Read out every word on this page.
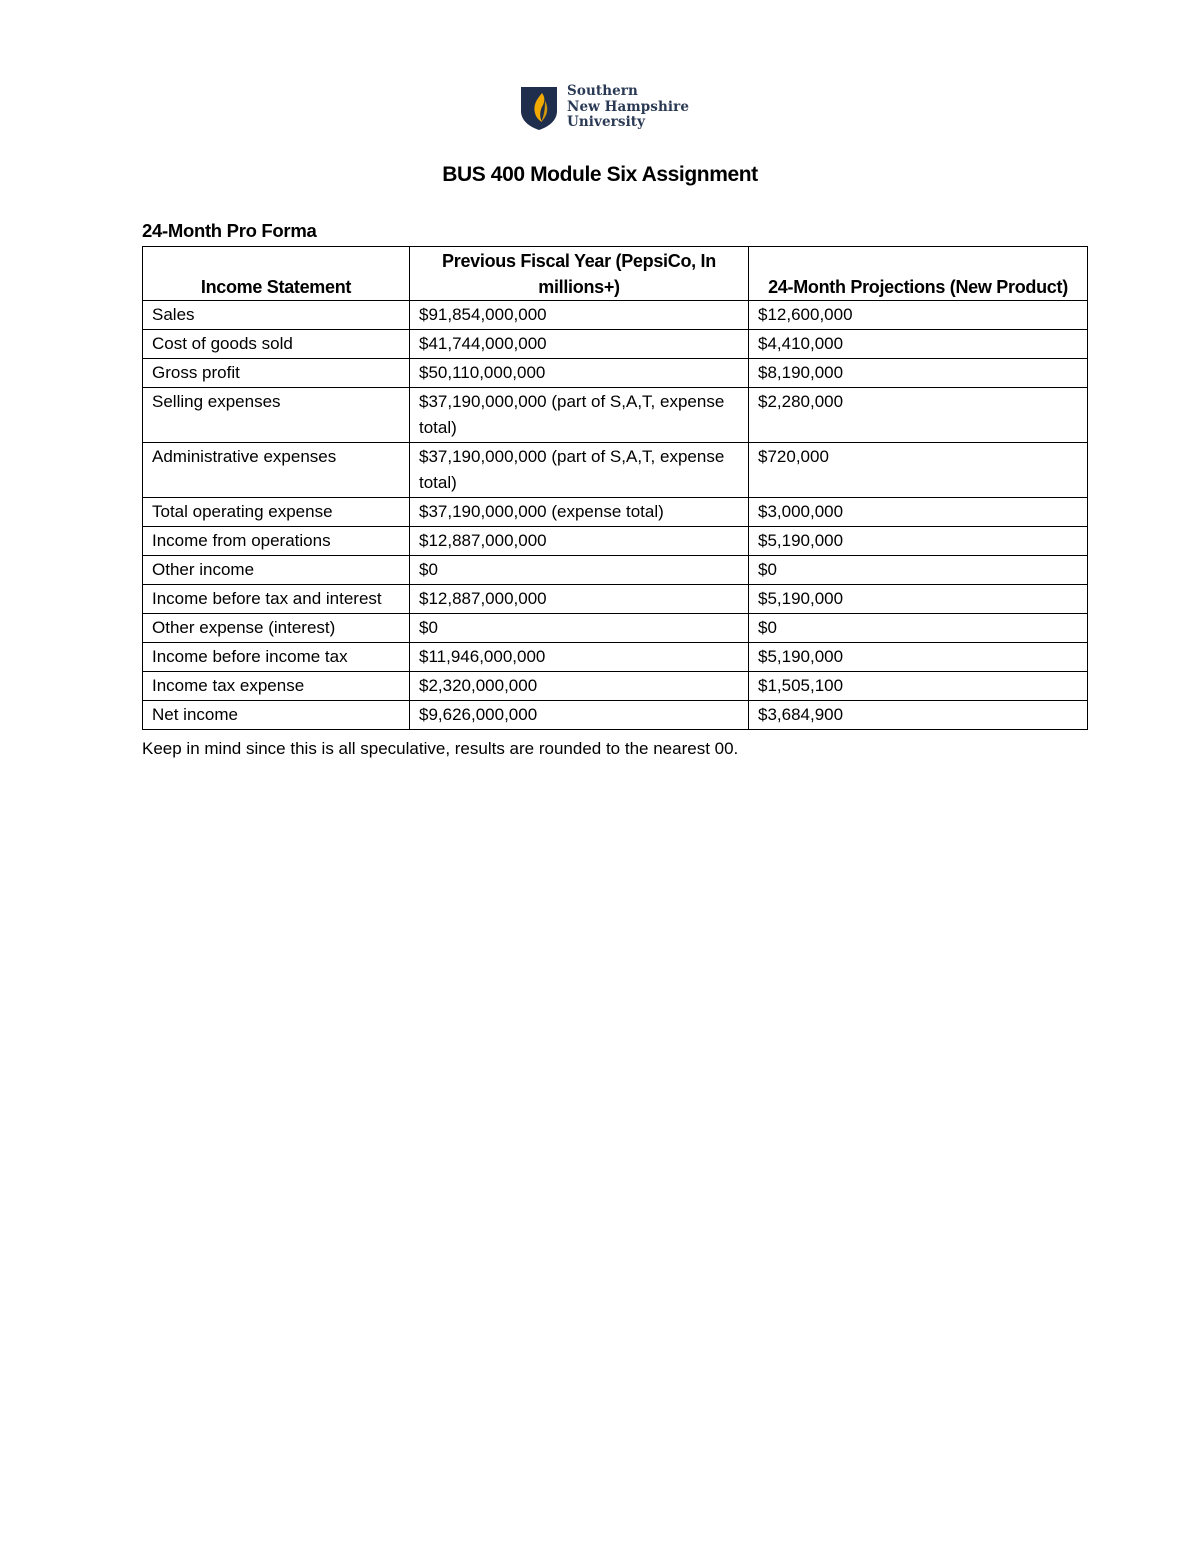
Southern
New Hampshire
University
BUS 400 Module Six Assignment
24-Month Pro Forma
Income Statement	Previous Fiscal Year (PepsiCo, In millions+)	24-Month Projections (New Product)
Sales	$91,854,000,000	$12,600,000
Cost of goods sold	$41,744,000,000	$4,410,000
Gross profit	$50,110,000,000	$8,190,000
Selling expenses	$37,190,000,000 (part of S,A,T, expense total)	$2,280,000
Administrative expenses	$37,190,000,000 (part of S,A,T, expense total)	$720,000
Total operating expense	$37,190,000,000 (expense total)	$3,000,000
Income from operations	$12,887,000,000	$5,190,000
Other income	$0	$0
Income before tax and interest	$12,887,000,000	$5,190,000
Other expense (interest)	$0	$0
Income before income tax	$11,946,000,000	$5,190,000
Income tax expense	$2,320,000,000	$1,505,100
Net income	$9,626,000,000	$3,684,900
Keep in mind since this is all speculative, results are rounded to the nearest 00.
